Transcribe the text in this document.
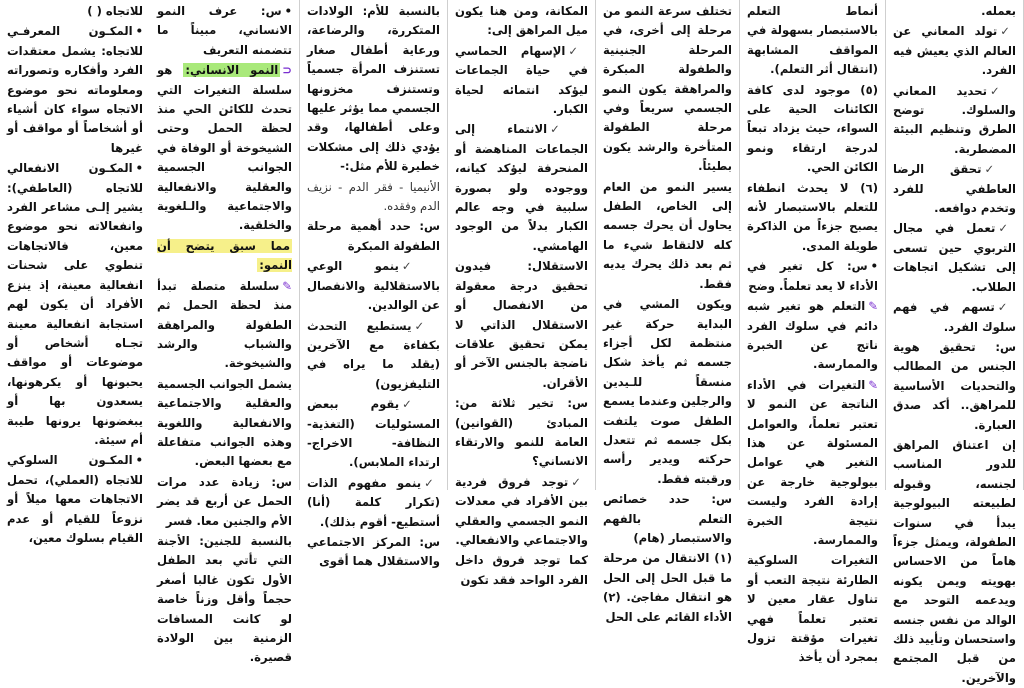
للاتجاه ( )

• المكـون المعرفـي للاتجاه: يشمل معتقدات الفرد وأفكاره وتصوراته ومعلوماته نحو موضوع الاتجاه سواء كان أشياء أو أشخاصاً أو مواقف أو غيرها

• المكـون الانفعالي للاتجاه (العاطفي): يشير إلـى مشاعر الفرد وانفعالاته نحو موضوع معين، فالاتجاهات تنطوي على شحنات انفعالية معينة، إذ ينزع الأفراد أن يكون لهم استجابة انفعالية معينة تجـاه أشخاص أو موضوعات أو مواقف يحبونها أو يكرهونها، يسعدون بها أو يبغضونها يرونها طيبة أم سيئة.

• المكـون السلوكي للاتجاه (العملي)، تحمل الاتجاهات معها ميلاً أو نزوعاً للقيام أو عدم القيام بسلوك معين،

• س: عرف النمو الانساني، مبيناً ما تتضمنه التعريف

⊂النمو الانساني: هو سلسلة التغيرات التي تحدث للكائن الحي منذ لحظة الحمل وحتى الشيخوخة أو الوفاة في الجوانب الجسمية والعقلية والانفعالية والاجتماعية والـلغوية والخلقية.

مما سبق يتضح أن النمو:

✎سلسلة متصلة تبدأ منذ لحظة الحمل ثم الطفولة والمراهقة والشباب والرشد والشيخوخة.

يشمل الجوانب الجسمية والعقلية والاجتماعية والانفعالية واللغوية وهذه الجوانب متفاعلة مع بعضها البعض.

س: زيادة عدد مرات الحمل عن أربع قد يضر الأم والجنين معا. فسر

بالنسبة للجنين: الأجنة التي تأتي بعد الطفل الأول تكون غالبا أصغر حجماً وأقل وزناً خاصة لو كانت المسافات الزمنية بين الولادة قصيرة.

بالنسبة للأم: الولادات المتكررة، والرضاعة، ورعاية أطفال صغار تستنزف المرأة جسمياً وتستنزف مخزونها الجسمي مما يؤثر عليها وعلى أطفالها، وقد يؤدي ذلك إلى مشكلات خطيرة للأم مثل:-

الأنيميا - فقر الدم - نزيف الدم وفقده.

س: حدد أهمية مرحلة الطفولة المبكرة

✓ينمو الوعي بالاستقلالية والانفصال عن الوالدين.

✓يستطيع التحدث بكفاءة مع الآخرين (يقلد ما يراه في التليفزيون)

✓يقوم ببعض المسئوليات (التغذية- النظافة- الاخراج- ارتداء الملابس).

✓ينمو مفهوم الذات (تكرار كلمة (أنا) أستطيع- أقوم بذلك).

س: المركز الاجتماعي والاستقلال هما أقوى

المكانة، ومن هنا يكون ميل المراهق إلى:

✓الإسهام الحماسي في حياة الجماعات ليؤكد انتمائه لحياة الكبار.

✓الانتماء إلى الجماعات المناهضة أو المنحرفة ليؤكد كيانه، ووجوده ولو بصورة سلبية في وجه عالم الكبار بدلاً من الوجود الهامشي.

الاستقلال: فيدون تحقيق درجة معقولة من الانفصال أو الاستقلال الذاتي لا يمكن تحقيق علاقات ناضجة بالجنس الآخر أو الأقران.

س: تخير ثلاثة من: المبادئ (القوانين) العامة للنمو والارتقاء الانساني؟

✓توجد فروق فردية بين الأفراد في معدلات النمو الجسمي والعقلي والاجتماعي والانفعالي.

كما توجد فروق داخل الفرد الواحد فقد تكون

تختلف سرعة النمو من مرحلة إلى أخرى، في المرحلة الجنينية والطفولة المبكرة والمراهقة يكون النمو الجسمي سريعاً وفي مرحلة الطفولة المتأخرة والرشد يكون بطيئاً.

يسير النمو من العام إلى الخاص، الطفل يحاول أن يحرك جسمه كله لالتقاط شيء ما ثم بعد ذلك يحرك يديه فقط.

ويكون المشي في البداية حركة غير منتظمة لكل أجزاء جسمه ثم يأخذ شكل منسقاً للـيدين والرجلين وعندما يسمع الطفل صوت يلتفت بكل جسمه ثم تتعدل حركته ويدير رأسه ورقبته فقط.

س: حدد خصائص التعلم بالفهم والاستبصار (هام)

(١) الانتقال من مرحلة ما قبل الحل إلى الحل هو انتقال مفاجئ. (٢) الأداء القائم على الحل

أنماط التعلم بالاستبصار بسهولة في المواقف المشابهة (انتقال أثر التعلم).

(٥) موجود لدى كافة الكائنات الحية على السواء، حيث يزداد تبعاً لدرجة ارتقاء ونمو الكائن الحي.

(٦) لا يحدث انطفاء للتعلم بالاستبصار لأنه يصبح جزءاً من الذاكرة طويلة المدى.

• س: كل تغير في الأداء لا يعد تعلماً. وضح

✎التعلم هو تغير شبه دائم في سلوك الفرد ناتج عن الخبرة والممارسة.

✎التغيرات في الأداء الناتجة عن النمو لا تعتبر تعلماً، والعوامل المسئولة عن هذا التغير هي عوامل بيولوجية خارجة عن إرادة الفرد وليست نتيجة الخبرة والممارسة.

التغيرات السلوكية الطارئة نتيجة التعب أو تناول عقار معين لا تعتبر تعلماً فهي تغيرات مؤقتة تزول بمجرد أن يأخذ

بعمله.

✓تولد المعاني عن العالم الذي يعيش فيه الفرد.

✓تحديد المعاني والسلوك. توضح الطرق وتنظيم البيئة المضطربة.

✓تحقق الرضا العاطفي للفرد وتخدم دوافعه.

✓تعمل في مجال التربوي حين تسعى إلى تشكيل اتجاهات الطلاب.

✓تسهم في فهم سلوك الفرد.

س: تحقيق هوية الجنس من المطالب والتحديات الأساسية للمراهق.. أكد صدق العبارة.

إن اعتناق المراهق للدور المناسب لجنسه، وقبوله لطبيعته البيولوجية يبدأ في سنوات الطفولة، ويمثل جزءاً هاماً من الاحساس بهويته ويمن يكونه ويدعمه التوحد مع الوالد من نفس جنسه واستحسان وتأييد ذلك من قبل المجتمع والآخرين.
